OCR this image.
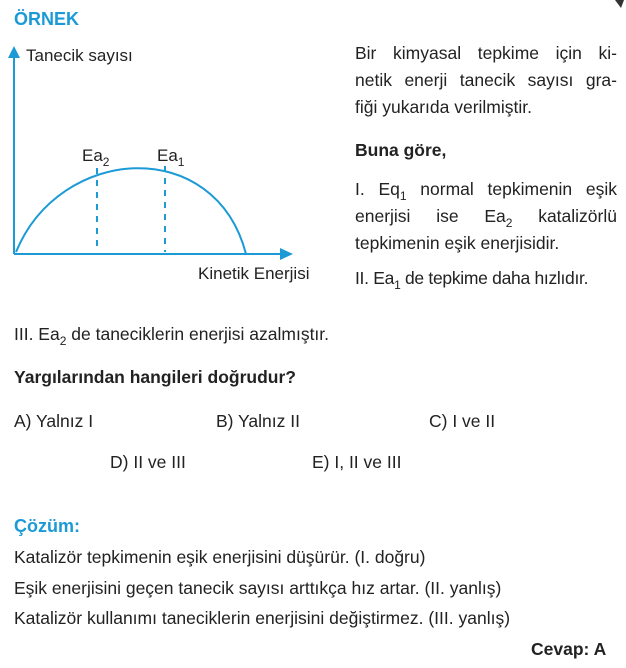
ÖRNEK
Tanecik sayısı
$Ea_2$	$Ea_1$
Kinetik Enerjisi

Bir kimyasal tepkime için ki-

netik enerji tanecik sayısı gra-

fiği yukarıda verilmiştir.

Buna göre,

I. $Eq_1$ normal tepkimenin eşik

enerjisi ise $Ea_2$ katalizörlü

tepkimenin eşik enerjisidir.

II. $Ea_1$ de tepkime daha hızlıdır.

III. $Ea_2$ de taneciklerin enerjisi azalmıştır.
Yargılarından hangileri doğrudur?
A) Yalnız I	B) Yalnız II	C) I ve II
D) II ve III	E) I, II ve III
Çözüm:
Katalizör tepkimenin eşik enerjisini düşürür. (I. doğru)
Eşik enerjisini geçen tanecik sayısı arttıkça hız artar. (II. yanlış)
Katalizör kullanımı taneciklerin enerjisini değiştirmez. (III. yanlış)
Cevap: A
